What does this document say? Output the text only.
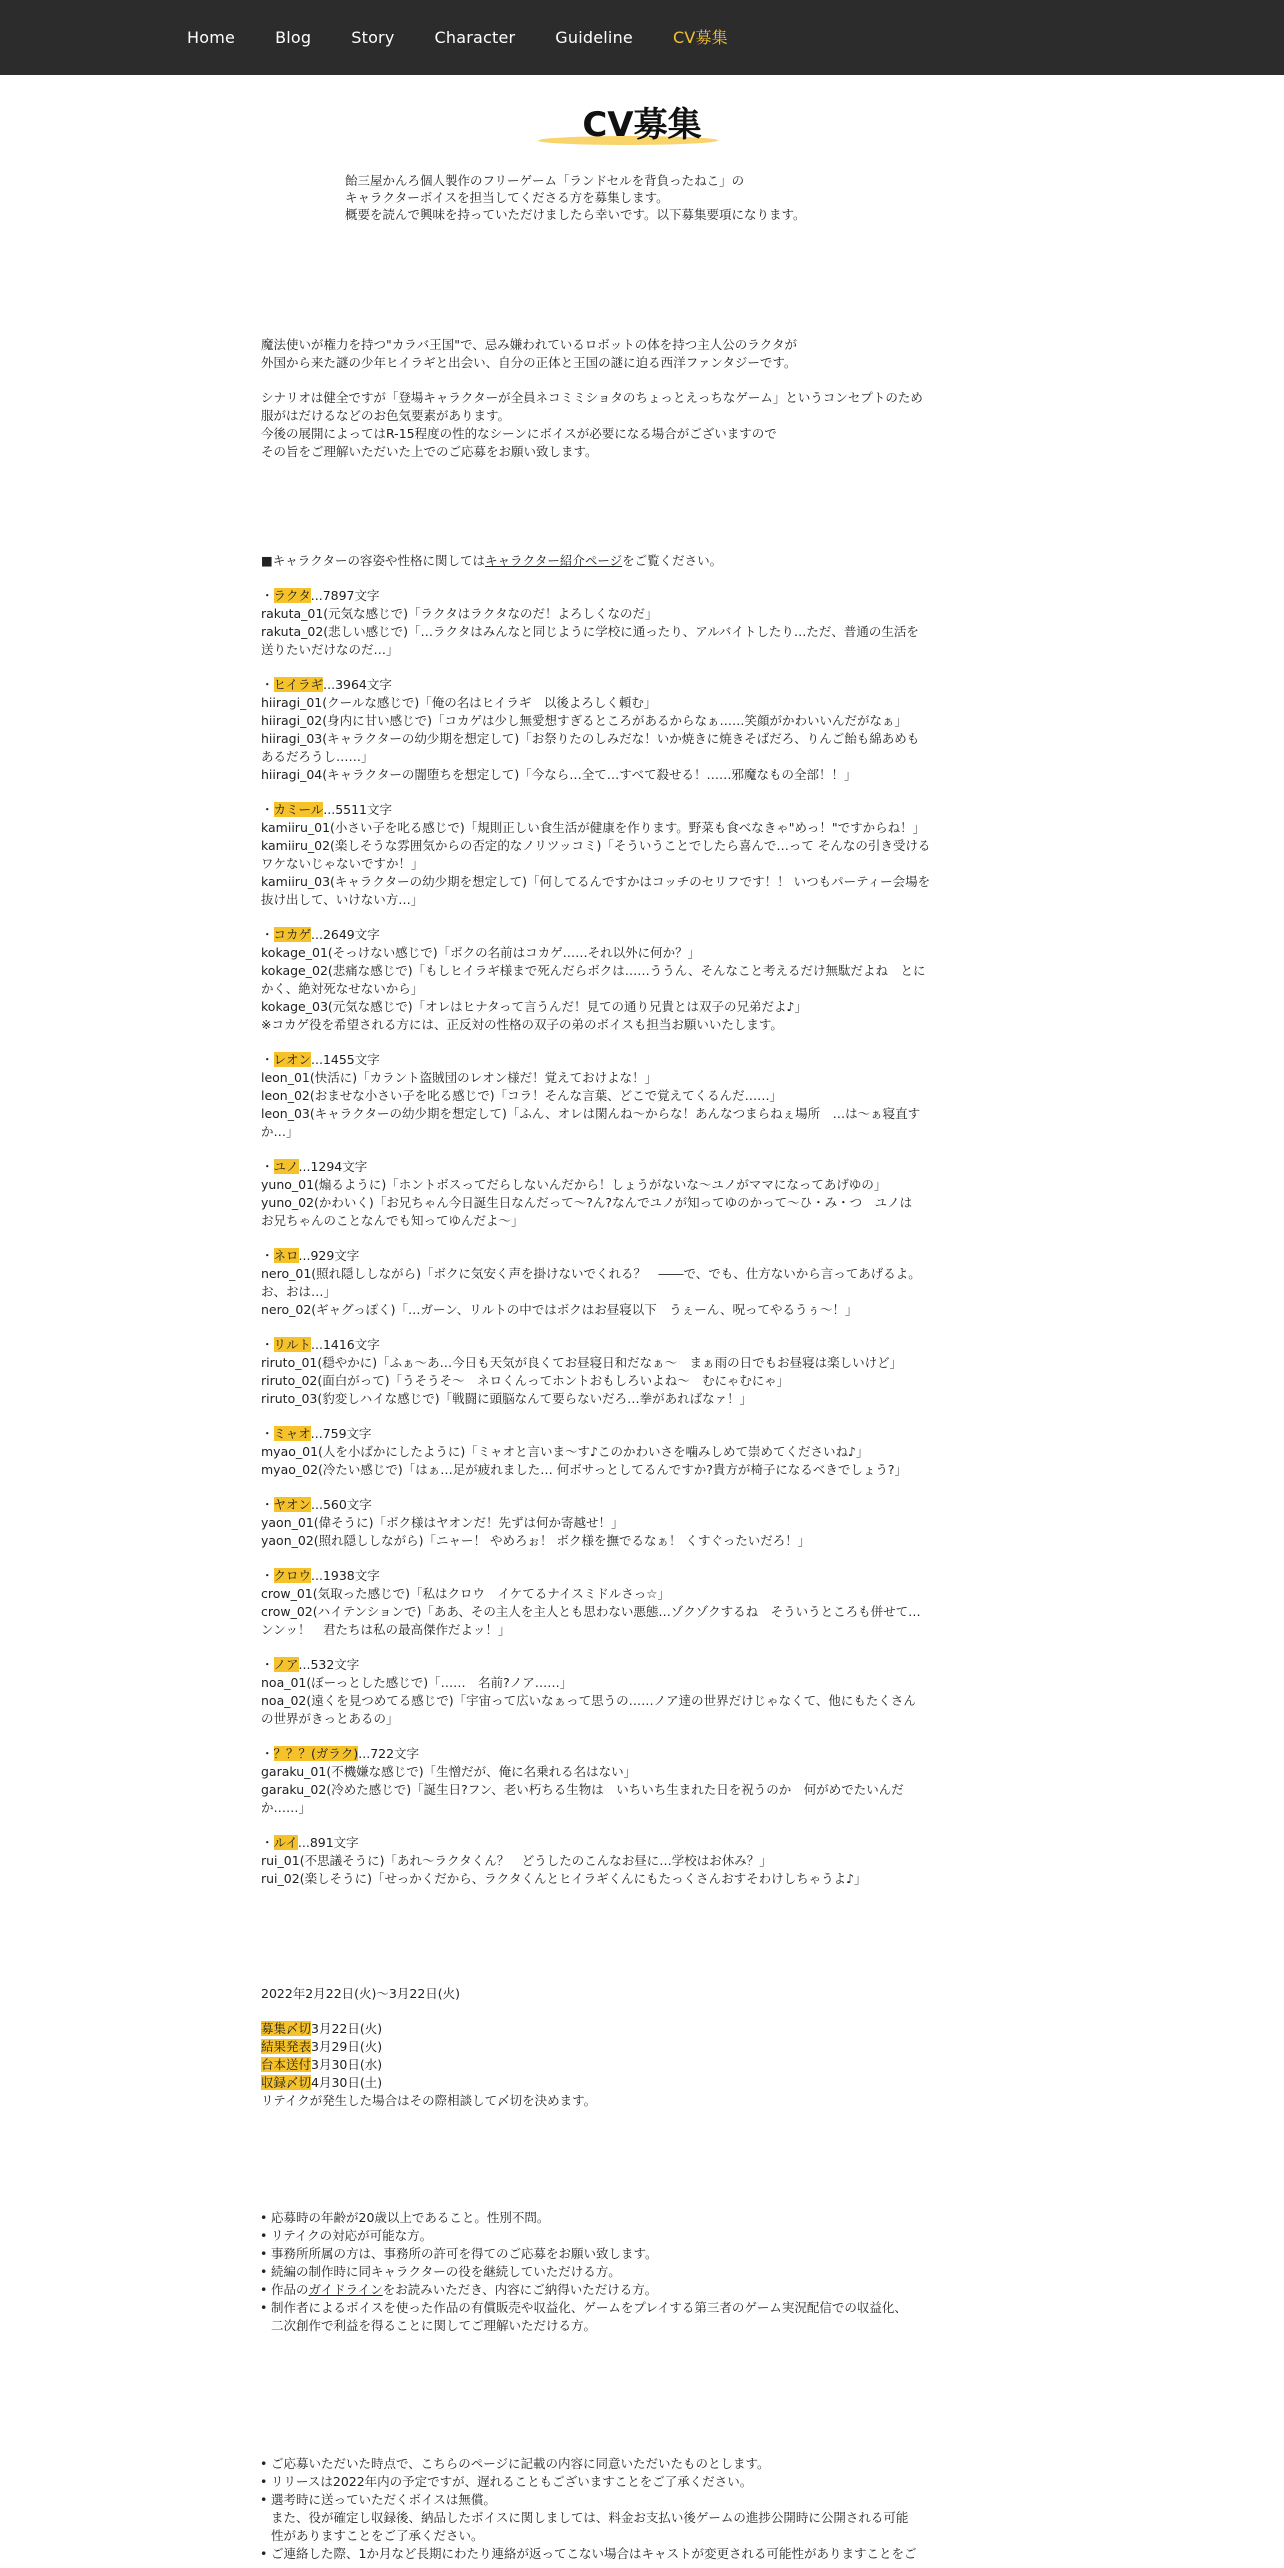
Home	Blog	Story	Character	Guideline	CV募集
CV募集
飴三屋かんろ個人製作のフリーゲーム「ランドセルを背負ったねこ」の
キャラクターボイスを担当してくださる方を募集します。
概要を読んで興味を持っていただけましたら幸いです。以下募集要項になります。
魔法使いが権力を持つ"カラバ王国"で、忌み嫌われているロボットの体を持つ主人公のラクタが
外国から来た謎の少年ヒイラギと出会い、自分の正体と王国の謎に迫る西洋ファンタジーです。
シナリオは健全ですが「登場キャラクターが全員ネコミミショタのちょっとえっちなゲーム」というコンセプトのため
服がはだけるなどのお色気要素があります。
今後の展開によってはR-15程度の性的なシーンにボイスが必要になる場合がございますので
その旨をご理解いただいた上でのご応募をお願い致します。
■キャラクターの容姿や性格に関してはキャラクター紹介ページをご覧ください。
・ラクタ...7897文字
rakuta_01(元気な感じで)「ラクタはラクタなのだ！よろしくなのだ」
rakuta_02(悲しい感じで)「…ラクタはみんなと同じように学校に通ったり、アルバイトしたり…ただ、普通の生活を
送りたいだけなのだ…」
・ヒイラギ...3964文字
hiiragi_01(クールな感じで)「俺の名はヒイラギ　以後よろしく頼む」
hiiragi_02(身内に甘い感じで)「コカゲは少し無愛想すぎるところがあるからなぁ……笑顔がかわいいんだがなぁ」
hiiragi_03(キャラクターの幼少期を想定して)「お祭りたのしみだな！いか焼きに焼きそばだろ、りんご飴も綿あめも
あるだろうし……」
hiiragi_04(キャラクターの闇堕ちを想定して)「今なら…全て…すべて殺せる！……邪魔なもの全部！！」
・カミール...5511文字
kamiiru_01(小さい子を叱る感じで)「規則正しい食生活が健康を作ります。野菜も食べなきゃ"めっ！"ですからね！」
kamiiru_02(楽しそうな雰囲気からの否定的なノリツッコミ)「そういうことでしたら喜んで…って そんなの引き受ける
ワケないじゃないですか！」
kamiiru_03(キャラクターの幼少期を想定して)「何してるんですかはコッチのセリフです！！ いつもパーティー会場を
抜け出して、いけない方…」
・コカゲ...2649文字
kokage_01(そっけない感じで)「ボクの名前はコカゲ……それ以外に何か？」
kokage_02(悲痛な感じで)「もしヒイラギ様まで死んだらボクは……ううん、そんなこと考えるだけ無駄だよね　とに
かく、絶対死なせないから」
kokage_03(元気な感じで)「オレはヒナタって言うんだ！見ての通り兄貴とは双子の兄弟だよ♪」
※コカゲ役を希望される方には、正反対の性格の双子の弟のボイスも担当お願いいたします。
・レオン...1455文字
leon_01(快活に)「カラント盗賊団のレオン様だ！覚えておけよな！」
leon_02(おませな小さい子を叱る感じで)「コラ！そんな言葉、どこで覚えてくるんだ……」
leon_03(キャラクターの幼少期を想定して)「ふん、オレは閑んね〜からな！あんなつまらねぇ場所　…は〜ぁ寝直す
か…」
・ユノ...1294文字
yuno_01(煽るように)「ホントボスってだらしないんだから！しょうがないな〜ユノがママになってあげゆの」
yuno_02(かわいく)「お兄ちゃん今日誕生日なんだって〜?ん?なんでユノが知ってゆのかって〜ひ・み・つ　ユノは
お兄ちゃんのことなんでも知ってゆんだよ〜」
・ネロ...929文字
nero_01(照れ隠ししながら)「ボクに気安く声を掛けないでくれる？　――で、でも、仕方ないから言ってあげるよ。
お、おは…」
nero_02(ギャグっぽく)「…ガーン、リルトの中ではボクはお昼寝以下　うぇーん、呪ってやるうぅ〜！」
・リルト...1416文字
riruto_01(穏やかに)「ふぁ〜あ…今日も天気が良くてお昼寝日和だなぁ〜　まぁ雨の日でもお昼寝は楽しいけど」
riruto_02(面白がって)「うそうそ〜　ネロくんってホントおもしろいよね〜　むにゃむにゃ」
riruto_03(豹変しハイな感じで)「戦闘に頭脳なんて要らないだろ…拳があればなァ！」
・ミャオ...759文字
myao_01(人を小ばかにしたように)「ミャオと言いま〜す♪このかわいさを噛みしめて崇めてくださいね♪」
myao_02(冷たい感じで)「はぁ…足が疲れました… 何ボサっとしてるんですか?貴方が椅子になるべきでしょう?」
・ヤオン...560文字
yaon_01(偉そうに)「ボク様はヤオンだ！先ずは何か寄越せ！」
yaon_02(照れ隠ししながら)「ニャー！ やめろぉ！ ボク様を撫でるなぁ！ くすぐったいだろ！」
・クロウ...1938文字
crow_01(気取った感じで)「私はクロウ　イケてるナイスミドルさっ☆」
crow_02(ハイテンションで)「ああ、その主人を主人とも思わない悪態…ゾクゾクするね　そういうところも併せて…
ンンッ！　君たちは私の最高傑作だよッ！」
・ノア...532文字
noa_01(ぼーっとした感じで)「……　名前?ノア……」
noa_02(遠くを見つめてる感じで)「宇宙って広いなぁって思うの……ノア達の世界だけじゃなくて、他にもたくさん
の世界がきっとあるの」
・？？？(ガラク)...722文字
garaku_01(不機嫌な感じで)「生憎だが、俺に名乗れる名はない」
garaku_02(冷めた感じで)「誕生日?フン、老い朽ちる生物は　いちいち生まれた日を祝うのか　何がめでたいんだ
か……」
・ルイ...891文字
rui_01(不思議そうに)「あれ〜ラクタくん？　どうしたのこんなお昼に…学校はお休み？」
rui_02(楽しそうに)「せっかくだから、ラクタくんとヒイラギくんにもたっくさんおすそわけしちゃうよ♪」
2022年2月22日(火)〜3月22日(火)
募集〆切3月22日(火)
結果発表3月29日(火)
台本送付3月30日(水)
収録〆切4月30日(土)
リテイクが発生した場合はその際相談して〆切を決めます。
• 応募時の年齢が20歳以上であること。性別不問。
• リテイクの対応が可能な方。
• 事務所所属の方は、事務所の許可を得てのご応募をお願い致します。
• 続編の制作時に同キャラクターの役を継続していただける方。
• 作品のガイドラインをお読みいただき、内容にご納得いただける方。
• 制作者によるボイスを使った作品の有償販売や収益化、ゲームをプレイする第三者のゲーム実況配信での収益化、
二次創作で利益を得ることに関してご理解いただける方。
• ご応募いただいた時点で、こちらのページに記載の内容に同意いただいたものとします。
• リリースは2022年内の予定ですが、遅れることもございますことをご了承ください。
• 選考時に送っていただくボイスは無償。
また、役が確定し収録後、納品したボイスに関しましては、料金お支払い後ゲームの進捗公開時に公開される可能
性がありますことをご了承ください。
• ご連絡した際、1か月など長期にわたり連絡が返ってこない場合はキャストが変更される可能性がありますことをご
